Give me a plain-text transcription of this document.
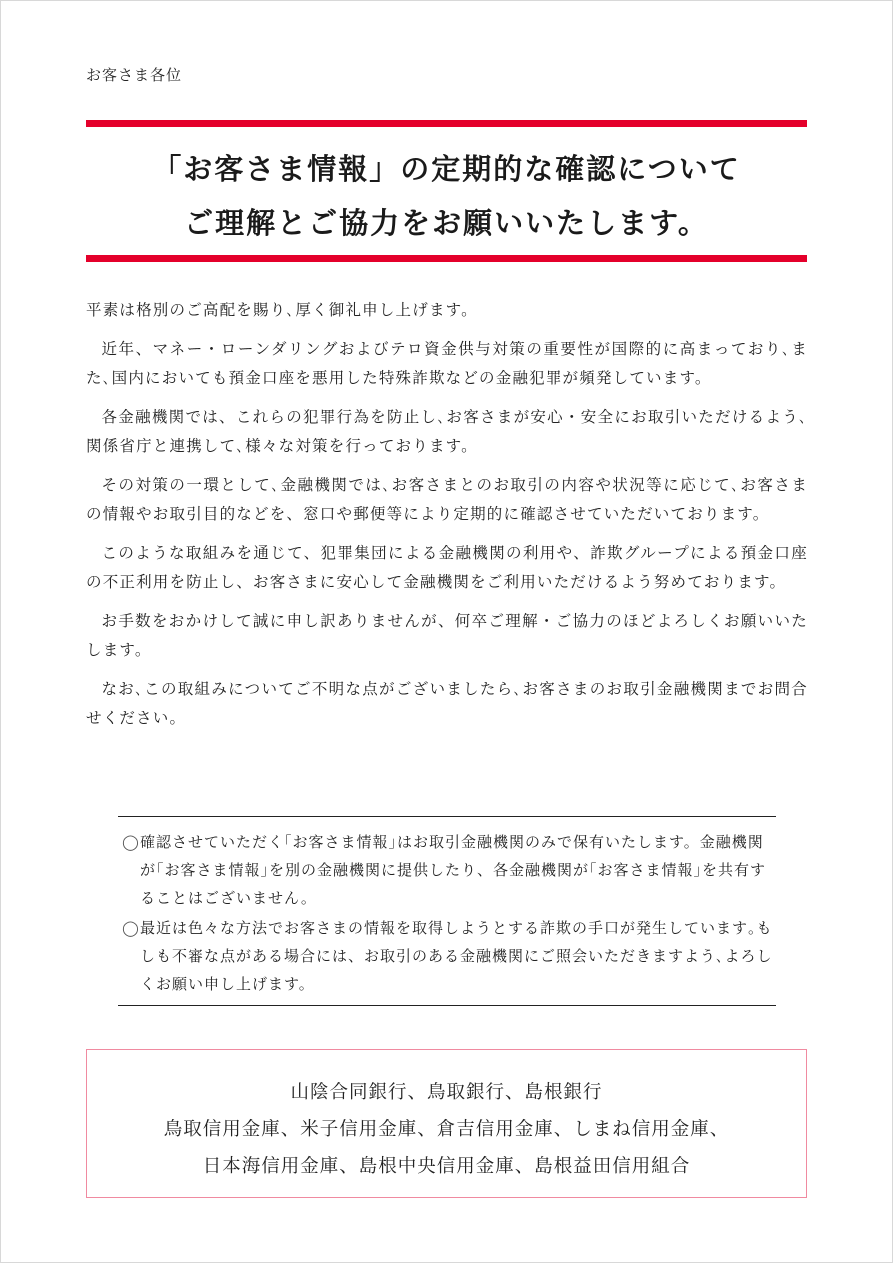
お客さま各位
「お客さま情報」の定期的な確認について
ご理解とご協力をお願いいたします。

平素は格別のご高配を賜り､厚く御礼申し上げます。

近年、マネー・ローンダリングおよびテロ資金供与対策の重要性が国際的に高まっており､また､国内においても預金口座を悪用した特殊詐欺などの金融犯罪が頻発しています。

各金融機関では、これらの犯罪行為を防止し､お客さまが安心・安全にお取引いただけるよう､関係省庁と連携して､様々な対策を行っております。

その対策の一環として､金融機関では､お客さまとのお取引の内容や状況等に応じて､お客さまの情報やお取引目的などを、窓口や郵便等により定期的に確認させていただいております。

このような取組みを通じて、犯罪集団による金融機関の利用や、詐欺グループによる預金口座の不正利用を防止し、お客さまに安心して金融機関をご利用いただけるよう努めております。

お手数をおかけして誠に申し訳ありませんが、何卒ご理解・ご協力のほどよろしくお願いいたします。

なお､この取組みについてご不明な点がございましたら､お客さまのお取引金融機関までお問合せください。

◯ 確認させていただく｢お客さま情報｣はお取引金融機関のみで保有いたします。金融機関が｢お客さま情報｣を別の金融機関に提供したり、各金融機関が｢お客さま情報｣を共有することはございません。
◯ 最近は色々な方法でお客さまの情報を取得しようとする詐欺の手口が発生しています｡もしも不審な点がある場合には、お取引のある金融機関にご照会いただきますよう､よろしくお願い申し上げます。
山陰合同銀行、鳥取銀行、島根銀行
鳥取信用金庫、米子信用金庫、倉吉信用金庫、しまね信用金庫、
日本海信用金庫、島根中央信用金庫、島根益田信用組合
